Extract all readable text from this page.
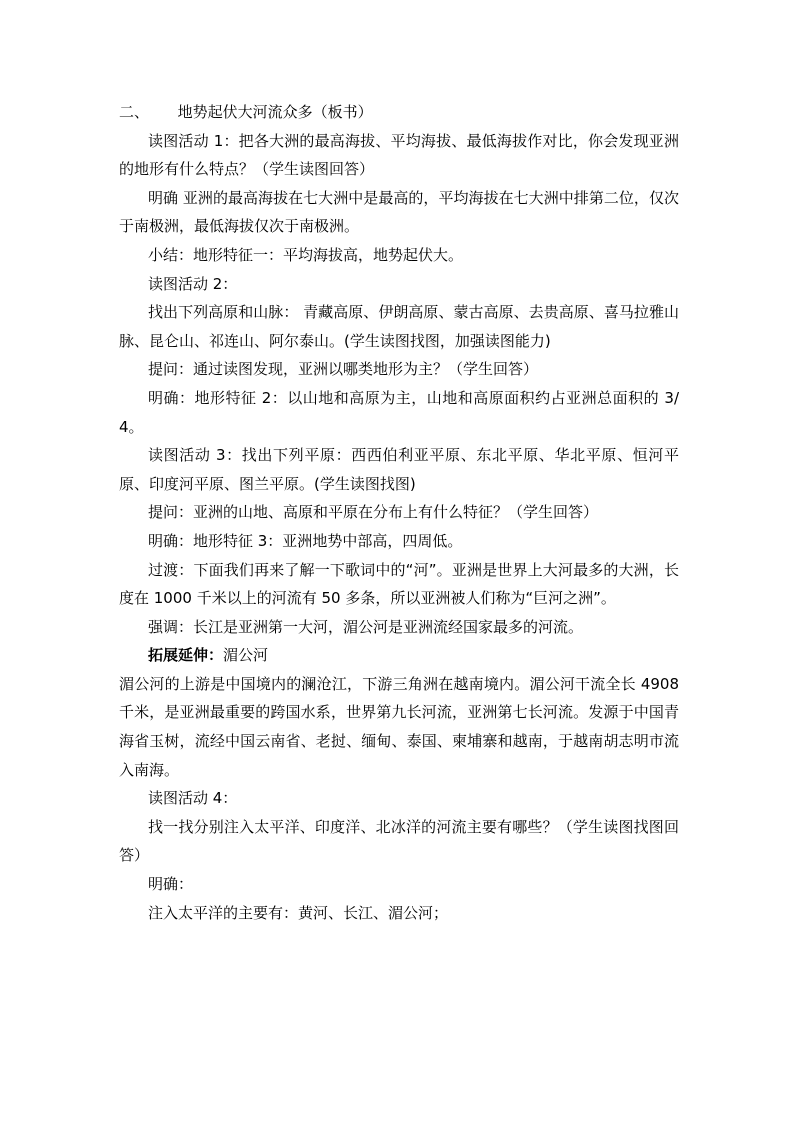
二、 地势起伏大河流众多（板书）

读图活动 1：把各大洲的最高海拔、平均海拔、最低海拔作对比，你会发现亚洲的地形有什么特点？（学生读图回答）

明确 亚洲的最高海拔在七大洲中是最高的，平均海拔在七大洲中排第二位，仅次于南极洲，最低海拔仅次于南极洲。

小结：地形特征一：平均海拔高，地势起伏大。

读图活动 2：

找出下列高原和山脉： 青藏高原、伊朗高原、蒙古高原、去贵高原、喜马拉雅山脉、昆仑山、祁连山、阿尔泰山。(学生读图找图，加强读图能力)

提问：通过读图发现，亚洲以哪类地形为主？（学生回答）

明确：地形特征 2：以山地和高原为主，山地和高原面积约占亚洲总面积的 3/4。

读图活动 3：找出下列平原：西西伯利亚平原、东北平原、华北平原、恒河平原、印度河平原、图兰平原。(学生读图找图)

提问：亚洲的山地、高原和平原在分布上有什么特征？（学生回答）

明确：地形特征 3：亚洲地势中部高，四周低。

过渡：下面我们再来了解一下歌词中的“河”。亚洲是世界上大河最多的大洲，长度在 1000 千米以上的河流有 50 多条，所以亚洲被人们称为“巨河之洲”。

强调：长江是亚洲第一大河，湄公河是亚洲流经国家最多的河流。

拓展延伸：湄公河

湄公河的上游是中国境内的澜沧江，下游三角洲在越南境内。湄公河干流全长 4908 千米，是亚洲最重要的跨国水系，世界第九长河流，亚洲第七长河流。发源于中国青海省玉树，流经中国云南省、老挝、缅甸、泰国、柬埔寨和越南，于越南胡志明市流入南海。

读图活动 4：

找一找分别注入太平洋、印度洋、北冰洋的河流主要有哪些？（学生读图找图回答）

明确：

注入太平洋的主要有：黄河、长江、湄公河；
